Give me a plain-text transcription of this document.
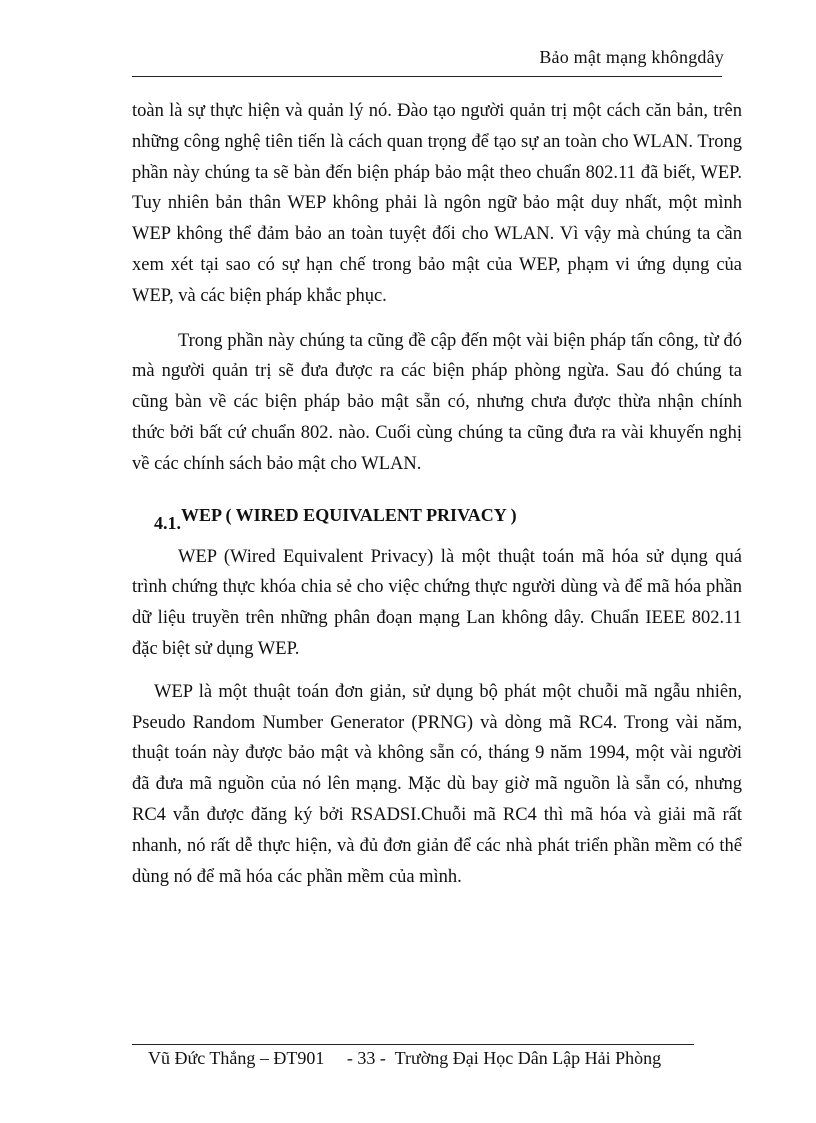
Bảo mật mạng khôngdây

toàn là sự thực hiện và quản lý nó. Đào tạo người quản trị một cách căn bản, trên những công nghệ tiên tiến là cách quan trọng để tạo sự an toàn cho WLAN. Trong phần này chúng ta sẽ bàn đến biện pháp bảo mật theo chuẩn 802.11 đã biết, WEP. Tuy nhiên bản thân WEP không phải là ngôn ngữ bảo mật duy nhất, một mình WEP không thể đảm bảo an toàn tuyệt đối cho WLAN. Vì vậy mà chúng ta cần xem xét tại sao có sự hạn chế trong bảo mật của WEP, phạm vi ứng dụng của WEP, và các biện pháp khắc phục.

Trong phần này chúng ta cũng đề cập đến một vài biện pháp tấn công, từ đó mà người quản trị sẽ đưa được ra các biện pháp phòng ngừa. Sau đó chúng ta cũng bàn về các biện pháp bảo mật sẵn có, nhưng chưa được thừa nhận chính thức bởi bất cứ chuẩn 802. nào. Cuối cùng chúng ta cũng đưa ra vài khuyến nghị về các chính sách bảo mật cho WLAN.

4.1.WEP ( WIRED EQUIVALENT PRIVACY )

WEP (Wired Equivalent Privacy) là một thuật toán mã hóa sử dụng quá trình chứng thực khóa chia sẻ cho việc chứng thực người dùng và để mã hóa phần dữ liệu truyền trên những phân đoạn mạng Lan không dây. Chuẩn IEEE 802.11 đặc biệt sử dụng WEP.

WEP là một thuật toán đơn giản, sử dụng bộ phát một chuỗi mã ngẫu nhiên, Pseudo Random Number Generator (PRNG) và dòng mã RC4. Trong vài năm, thuật toán này được bảo mật và không sẵn có, tháng 9 năm 1994, một vài người đã đưa mã nguồn của nó lên mạng. Mặc dù bay giờ mã nguồn là sẵn có, nhưng RC4 vẫn được đăng ký bởi RSADSI.Chuỗi mã RC4 thì mã hóa và giải mã rất nhanh, nó rất dễ thực hiện, và đủ đơn giản để các nhà phát triển phần mềm có thể dùng nó để mã hóa các phần mềm của mình.

Vũ Đức Thắng – ĐT901 - 33 - Trường Đại Học Dân Lập Hải Phòng
